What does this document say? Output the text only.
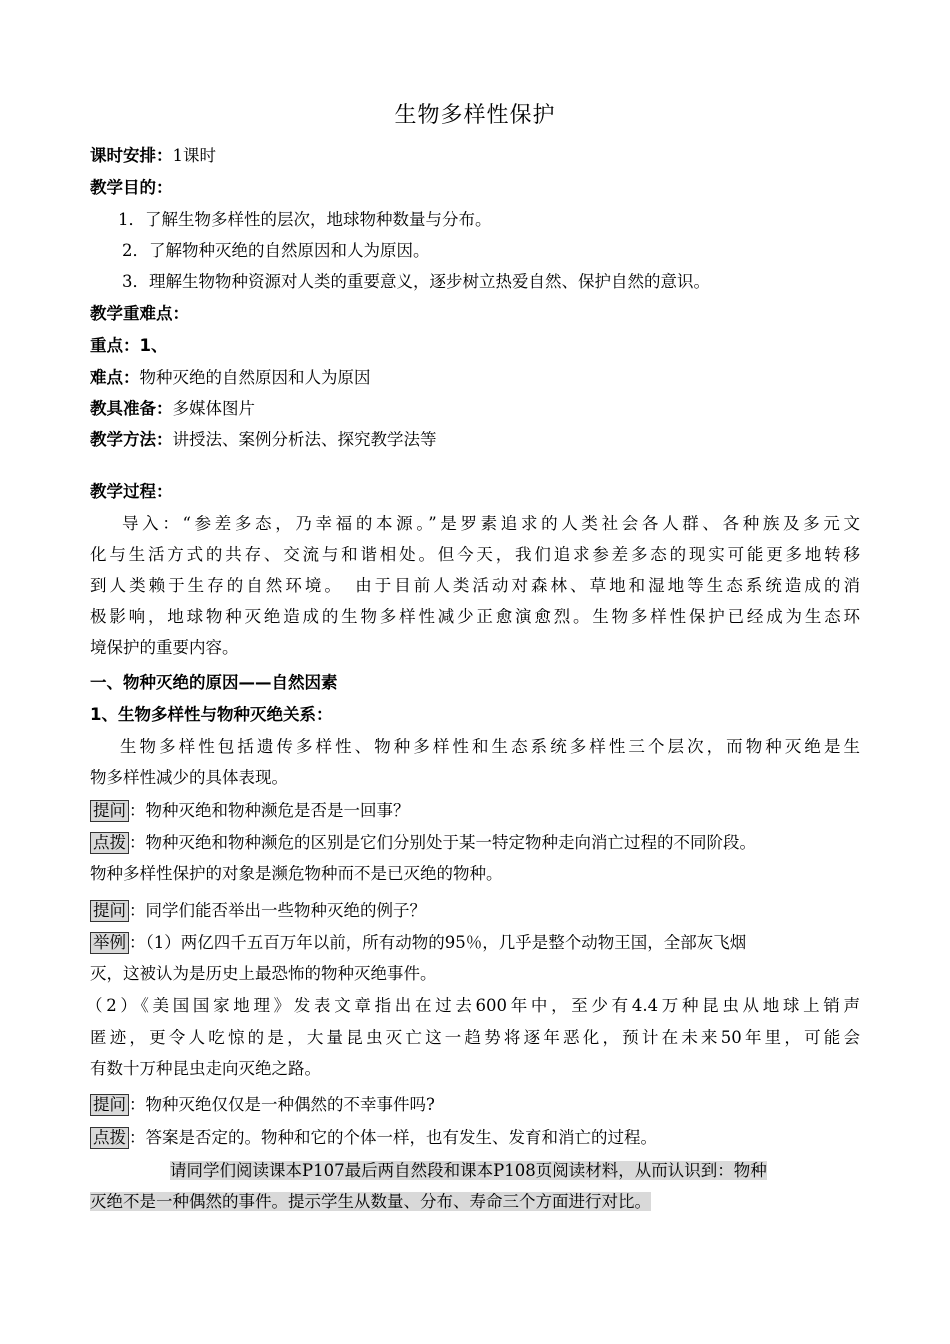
生物多样性保护
课时安排：1课时
教学目的：
1．了解生物多样性的层次，地球物种数量与分布。
2．了解物种灭绝的自然原因和人为原因。
3．理解生物物种资源对人类的重要意义，逐步树立热爱自然、保护自然的意识。
教学重难点：
重点：1、
难点：物种灭绝的自然原因和人为原因
教具准备：多媒体图片
教学方法：讲授法、案例分析法、探究教学法等
教学过程：
导入：“参差多态，乃幸福的本源。”是罗素追求的人类社会各人群、各种族及多元文
化与生活方式的共存、交流与和谐相处。但今天，我们追求参差多态的现实可能更多地转移
到人类赖于生存的自然环境。　由于目前人类活动对森林、草地和湿地等生态系统造成的消
极影响，地球物种灭绝造成的生物多样性减少正愈演愈烈。生物多样性保护已经成为生态环
境保护的重要内容。
一、物种灭绝的原因——自然因素
1、生物多样性与物种灭绝关系：
生物多样性包括遗传多样性、物种多样性和生态系统多样性三个层次，而物种灭绝是生
物多样性减少的具体表现。
提问 ：物种灭绝和物种濒危是否是一回事？
点拨 ：物种灭绝和物种濒危的区别是它们分别处于某一特定物种走向消亡过程的不同阶段。
物种多样性保护的对象是濒危物种而不是已灭绝的物种。
提问 ：同学们能否举出一些物种灭绝的例子？
举例 ：（1）两亿四千五百万年以前，所有动物的95％，几乎是整个动物王国，全部灰飞烟
灭，这被认为是历史上最恐怖的物种灭绝事件。
（2）《美国国家地理》发表文章指出在过去600年中，至少有4.4万种昆虫从地球上销声
匿迹，更令人吃惊的是，大量昆虫灭亡这一趋势将逐年恶化，预计在未来50年里，可能会
有数十万种昆虫走向灭绝之路。
提问 ：物种灭绝仅仅是一种偶然的不幸事件吗?
点拨 ：答案是否定的。物种和它的个体一样，也有发生、发育和消亡的过程。
请同学们阅读课本P107最后两自然段和课本P108页阅读材料，从而认识到：物种
灭绝不是一种偶然的事件。提示学生从数量、分布、寿命三个方面进行对比。
